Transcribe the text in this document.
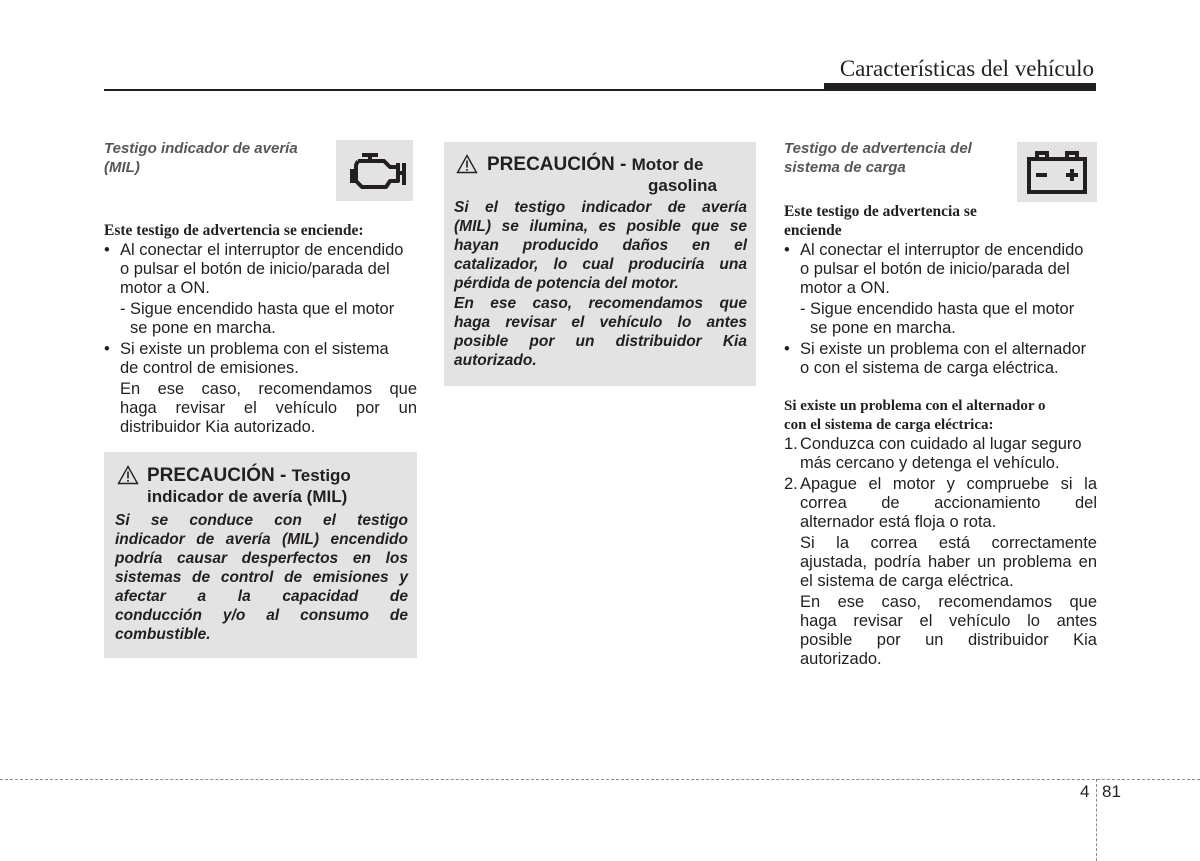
Características del vehículo
Testigo indicador de avería
(MIL)
Este testigo de advertencia se enciende:
• Al conectar el interruptor de encendido
o pulsar el botón de inicio/parada del
motor a ON.
- Sigue encendido hasta que el motor
se pone en marcha.
• Si existe un problema con el sistema
de control de emisiones.
En ese caso, recomendamos que
haga revisar el vehículo por un
distribuidor Kia autorizado.
PRECAUCIÓN - Testigo
indicador de avería (MIL)
Si se conduce con el testigo
indicador de avería (MIL) encendido
podría causar desperfectos en los
sistemas de control de emisiones y
afectar a la capacidad de
conducción y/o al consumo de
combustible.
PRECAUCIÓN - Motor de
gasolina
Si el testigo indicador de avería
(MIL) se ilumina, es posible que se
hayan producido daños en el
catalizador, lo cual produciría una
pérdida de potencia del motor.
En ese caso, recomendamos que
haga revisar el vehículo lo antes
posible por un distribuidor Kia
autorizado.
Testigo de advertencia del
sistema de carga
Este testigo de advertencia se
enciende
• Al conectar el interruptor de encendido
o pulsar el botón de inicio/parada del
motor a ON.
- Sigue encendido hasta que el motor
se pone en marcha.
• Si existe un problema con el alternador
o con el sistema de carga eléctrica.
Si existe un problema con el alternador o
con el sistema de carga eléctrica:
1. Conduzca con cuidado al lugar seguro
más cercano y detenga el vehículo.
2. Apague el motor y compruebe si la
correa de accionamiento del
alternador está floja o rota.
Si la correa está correctamente
ajustada, podría haber un problema en
el sistema de carga eléctrica.
En ese caso, recomendamos que
haga revisar el vehículo lo antes
posible por un distribuidor Kia
autorizado.
4 81
